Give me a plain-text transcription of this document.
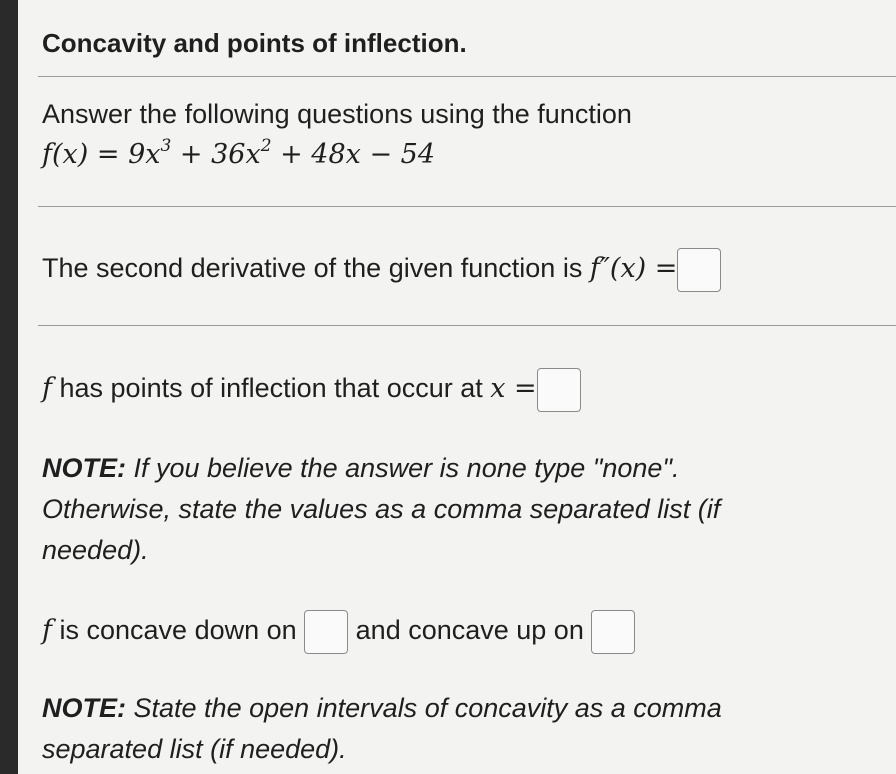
Concavity and points of inflection.
Answer the following questions using the function
$f(x) = 9x^3 + 36x^2 + 48x - 54$
The second derivative of the given function is f″(x) =
f has points of inflection that occur at x =
NOTE: If you believe the answer is none type "none". Otherwise, state the values as a comma separated list (if needed).
f is concave down on  and concave up on
NOTE: State the open intervals of concavity as a comma separated list (if needed).
